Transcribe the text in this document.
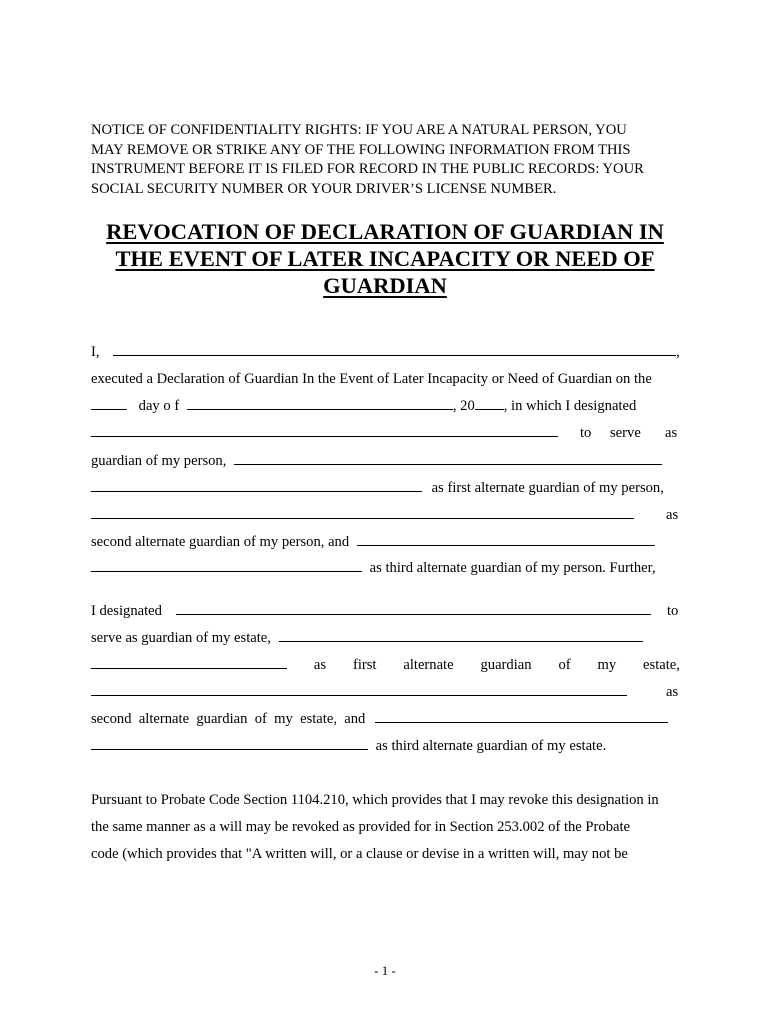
NOTICE OF CONFIDENTIALITY RIGHTS: IF YOU ARE A NATURAL PERSON, YOU
MAY REMOVE OR STRIKE ANY OF THE FOLLOWING INFORMATION FROM THIS
INSTRUMENT BEFORE IT IS FILED FOR RECORD IN THE PUBLIC RECORDS: YOUR
SOCIAL SECURITY NUMBER OR YOUR DRIVER’S LICENSE NUMBER.
REVOCATION OF DECLARATION OF GUARDIAN IN
THE EVENT OF LATER INCAPACITY OR NEED OF
GUARDIAN
I,	,
executed a Declaration of Guardian In the Event of Later Incapacity or Need of Guardian on the
day o f	, 20 , in which I designated
to serve as
guardian of my person,
as first alternate guardian of my person,
as
second alternate guardian of my person, and
as third alternate guardian of my person. Further,
I designated	to
serve as guardian of my estate,
as first alternate guardian of my estate,
as
second  alternate  guardian  of  my  estate,  and
as third alternate guardian of my estate.
Pursuant to Probate Code Section 1104.210, which provides that I may revoke this designation in
the same manner as a will may be revoked as provided for in Section 253.002 of the Probate
code (which provides that "A written will, or a clause or devise in a written will, may not be
- 1 -
